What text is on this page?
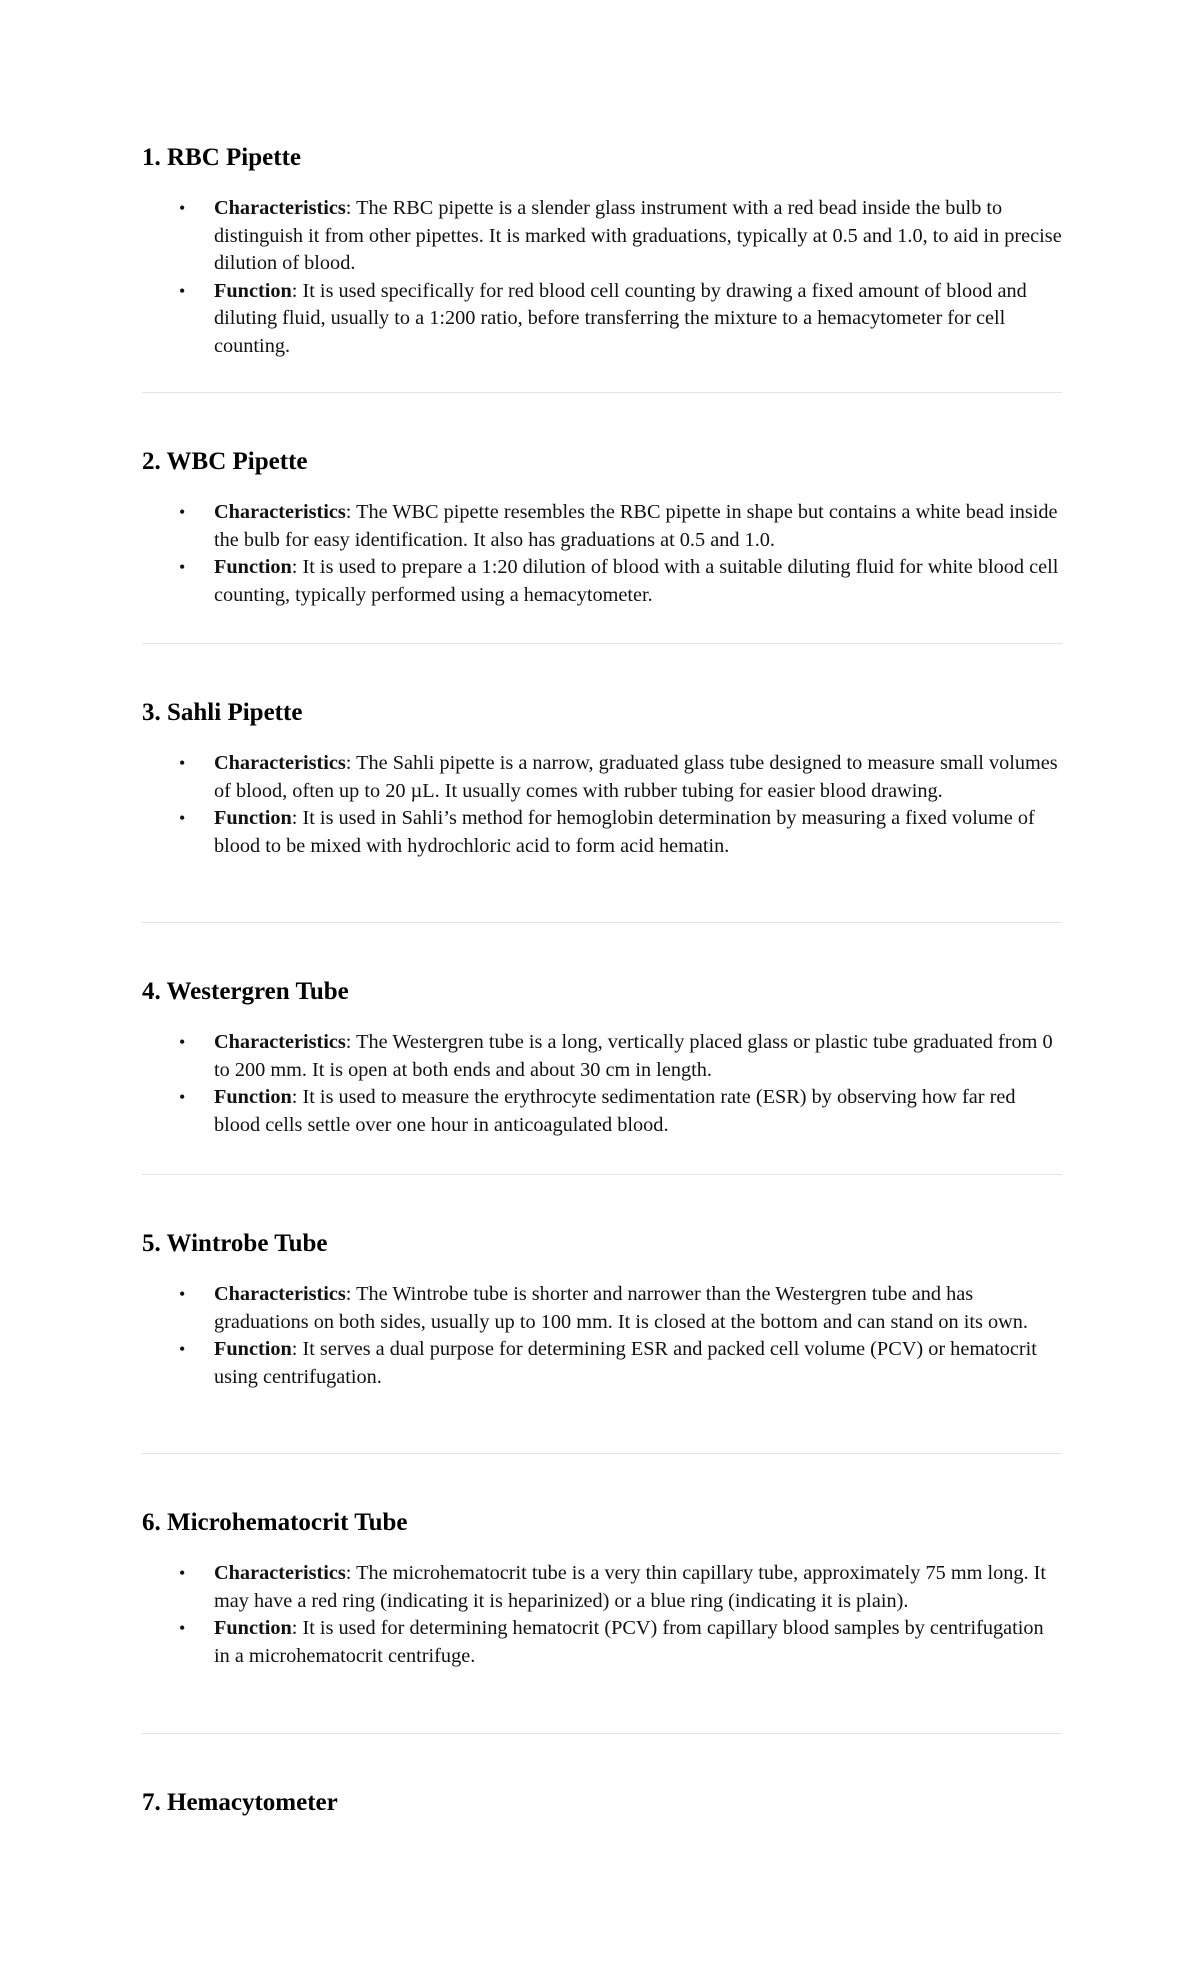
1. RBC Pipette
• Characteristics: The RBC pipette is a slender glass instrument with a red bead inside the bulb to distinguish it from other pipettes. It is marked with graduations, typically at 0.5 and 1.0, to aid in precise dilution of blood.
• Function: It is used specifically for red blood cell counting by drawing a fixed amount of blood and diluting fluid, usually to a 1:200 ratio, before transferring the mixture to a hemacytometer for cell counting.
2. WBC Pipette
• Characteristics: The WBC pipette resembles the RBC pipette in shape but contains a white bead inside the bulb for easy identification. It also has graduations at 0.5 and 1.0.
• Function: It is used to prepare a 1:20 dilution of blood with a suitable diluting fluid for white blood cell counting, typically performed using a hemacytometer.
3. Sahli Pipette
• Characteristics: The Sahli pipette is a narrow, graduated glass tube designed to measure small volumes of blood, often up to 20 µL. It usually comes with rubber tubing for easier blood drawing.
• Function: It is used in Sahli’s method for hemoglobin determination by measuring a fixed volume of blood to be mixed with hydrochloric acid to form acid hematin.
4. Westergren Tube
• Characteristics: The Westergren tube is a long, vertically placed glass or plastic tube graduated from 0 to 200 mm. It is open at both ends and about 30 cm in length.
• Function: It is used to measure the erythrocyte sedimentation rate (ESR) by observing how far red blood cells settle over one hour in anticoagulated blood.
5. Wintrobe Tube
• Characteristics: The Wintrobe tube is shorter and narrower than the Westergren tube and has graduations on both sides, usually up to 100 mm. It is closed at the bottom and can stand on its own.
• Function: It serves a dual purpose for determining ESR and packed cell volume (PCV) or hematocrit using centrifugation.
6. Microhematocrit Tube
• Characteristics: The microhematocrit tube is a very thin capillary tube, approximately 75 mm long. It may have a red ring (indicating it is heparinized) or a blue ring (indicating it is plain).
• Function: It is used for determining hematocrit (PCV) from capillary blood samples by centrifugation in a microhematocrit centrifuge.
7. Hemacytometer
